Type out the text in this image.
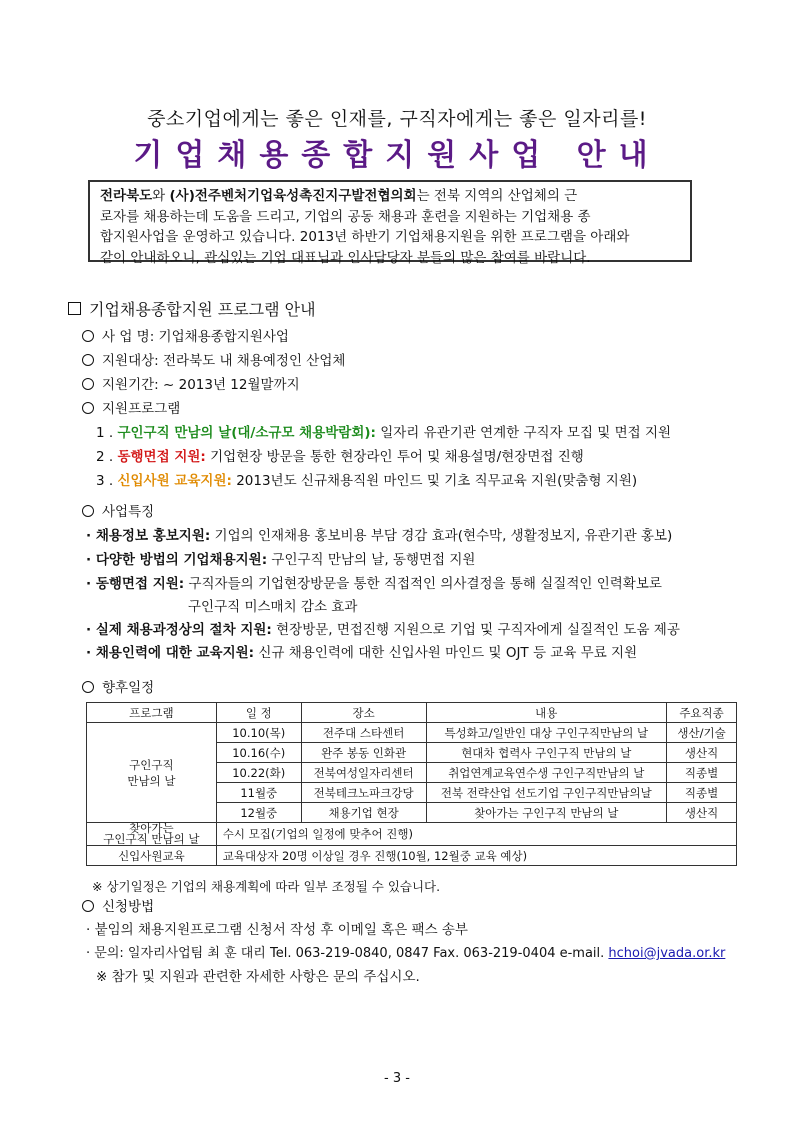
중소기업에게는 좋은 인재를, 구직자에게는 좋은 일자리를!
기업채용종합지원사업 안내
전라북도와 (사)전주벤처기업육성촉진지구발전협의회는 전북 지역의 산업체의 근
로자를 채용하는데 도움을 드리고, 기업의 공동 채용과 훈련을 지원하는 기업채용 종
합지원사업을 운영하고 있습니다. 2013년 하반기 기업채용지원을 위한 프로그램을 아래와
같이 안내하오니, 관심있는 기업 대표님과 인사담당자 분들의 많은 참여를 바랍니다.
기업채용종합지원 프로그램 안내
사 업 명: 기업채용종합지원사업
지원대상: 전라북도 내 채용예정인 산업체
지원기간: ~ 2013년 12월말까지
지원프로그램
1 . 구인구직 만남의 날(대/소규모 채용박람회): 일자리 유관기관 연계한 구직자 모집 및 면접 지원
2 . 동행면접 지원: 기업현장 방문을 통한 현장라인 투어 및 채용설명/현장면접 진행
3 . 신입사원 교육지원: 2013년도 신규채용직원 마인드 및 기초 직무교육 지원(맞춤형 지원)
사업특징
· 채용정보 홍보지원: 기업의 인재채용 홍보비용 부담 경감 효과(현수막, 생활정보지, 유관기관 홍보)
· 다양한 방법의 기업채용지원: 구인구직 만남의 날, 동행면접 지원
· 동행면접 지원: 구직자들의 기업현장방문을 통한 직접적인 의사결정을 통해 실질적인 인력확보로
구인구직 미스매치 감소 효과
· 실제 채용과정상의 절차 지원: 현장방문, 면접진행 지원으로 기업 및 구직자에게 실질적인 도움 제공
· 채용인력에 대한 교육지원: 신규 채용인력에 대한 신입사원 마인드 및 OJT 등 교육 무료 지원
향후일정
프로그램	일 정	장소	내용	주요직종

구인구직
만남의 날	10.10(목)	전주대 스타센터	특성화고/일반인 대상 구인구직만남의 날	생산/기술
	10.16(수)	완주 봉동 인화관	현대차 협력사 구인구직 만남의 날	생산직
	10.22(화)	전북여성일자리센터	취업연계교육연수생 구인구직만남의 날	직종별
	11월중	전북테크노파크강당	전북 전략산업 선도기업 구인구직만남의날	직종별
	12월중	채용기업 현장	찾아가는 구인구직 만남의 날	생산직

찾아가는
구인구직 만남의 날	수시 모집(기업의 일정에 맞추어 진행)			
신입사원교육	교육대상자 20명 이상일 경우 진행(10월, 12월중 교육 예상)			
※ 상기일정은 기업의 채용계획에 따라 일부 조정될 수 있습니다.
신청방법
· 붙임의 채용지원프로그램 신청서 작성 후 이메일 혹은 팩스 송부
· 문의: 일자리사업팀 최 훈 대리 Tel. 063-219-0840, 0847 Fax. 063-219-0404 e-mail. hchoi@jvada.or.kr
※ 참가 및 지원과 관련한 자세한 사항은 문의 주십시오.
- 3 -
